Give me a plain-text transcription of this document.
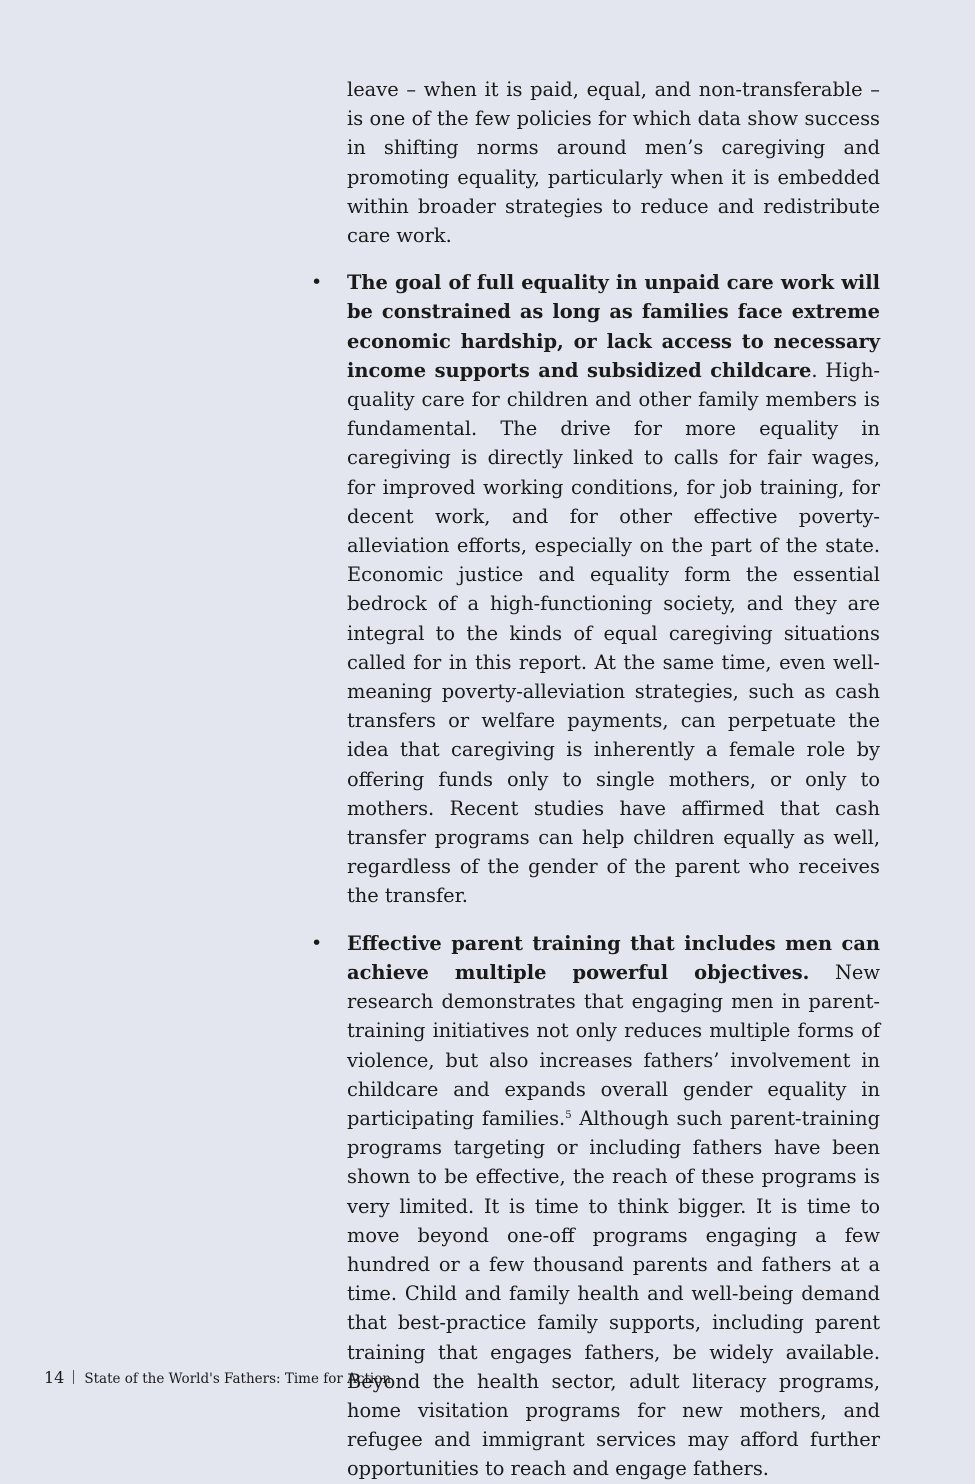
leave – when it is paid, equal, and non-transferable – is one of the few policies for which data show success in shifting norms around men’s caregiving and promoting equality, particularly when it is embedded within broader strategies to reduce and redistribute care work.

• The goal of full equality in unpaid care work will be constrained as long as families face extreme economic hardship, or lack access to necessary income supports and subsidized childcare. High-quality care for children and other family members is fundamental. The drive for more equality in caregiving is directly linked to calls for fair wages, for improved working conditions, for job training, for decent work, and for other effective poverty-alleviation efforts, especially on the part of the state. Economic justice and equality form the essential bedrock of a high-functioning society, and they are integral to the kinds of equal caregiving situations called for in this report. At the same time, even well-meaning poverty-alleviation strategies, such as cash transfers or welfare payments, can perpetuate the idea that caregiving is inherently a female role by offering funds only to single mothers, or only to mothers. Recent studies have affirmed that cash transfer programs can help children equally as well, regardless of the gender of the parent who receives the transfer.

• Effective parent training that includes men can achieve multiple powerful objectives. New research demonstrates that engaging men in parent-training initiatives not only reduces multiple forms of violence, but also increases fathers’ involvement in childcare and expands overall gender equality in participating families.$^5$ Although such parent-training programs targeting or including fathers have been shown to be effective, the reach of these programs is very limited. It is time to think bigger. It is time to move beyond one-off programs engaging a few hundred or a few thousand parents and fathers at a time. Child and family health and well-being demand that best-practice family supports, including parent training that engages fathers, be widely available. Beyond the health sector, adult literacy programs, home visitation programs for new mothers, and refugee and immigrant services may afford further opportunities to reach and engage fathers.

14 State of the World's Fathers: Time for Action
